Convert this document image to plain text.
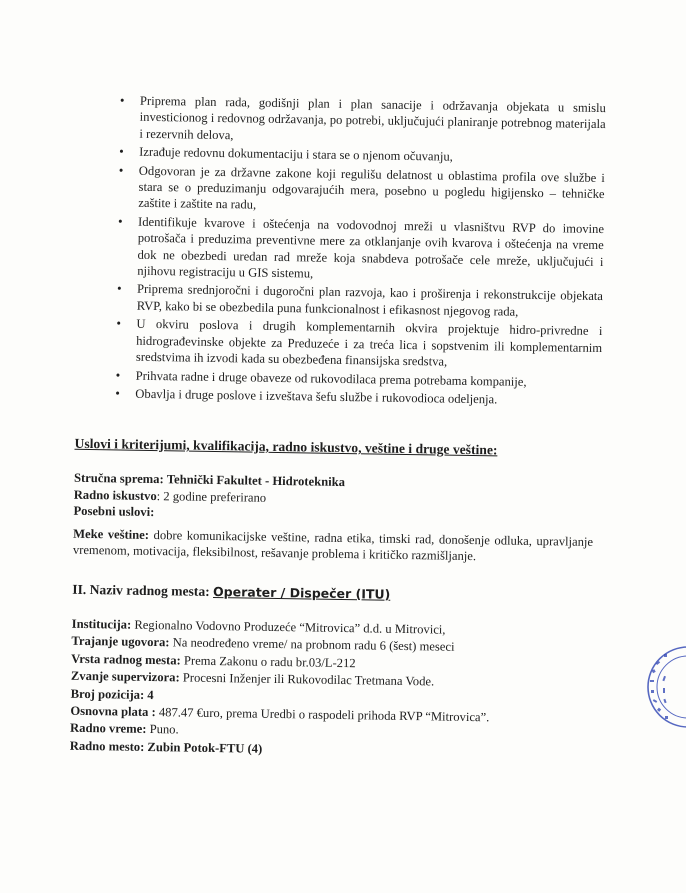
• Priprema plan rada, godišnji plan i plan sanacije i održavanja objekata u smislu investicionog i redovnog održavanja, po potrebi, uključujući planiranje potrebnog materijala i rezervnih delova,
• Izrađuje redovnu dokumentaciju i stara se o njenom očuvanju,
• Odgovoran je za državne zakone koji regulišu delatnost u oblastima profila ove službe i stara se o preduzimanju odgovarajućih mera, posebno u pogledu higijensko – tehničke zaštite i zaštite na radu,
• Identifikuje kvarove i oštećenja na vodovodnoj mreži u vlasništvu RVP do imovine potrošača i preduzima preventivne mere za otklanjanje ovih kvarova i oštećenja na vreme dok ne obezbedi uredan rad mreže koja snabdeva potrošače cele mreže, uključujući i njihovu registraciju u GIS sistemu,
• Priprema srednjoročni i dugoročni plan razvoja, kao i proširenja i rekonstrukcije objekata RVP, kako bi se obezbedila puna funkcionalnost i efikasnost njegovog rada,
• U okviru poslova i drugih komplementarnih okvira projektuje hidro-privredne i hidrograđevinske objekte za Preduzeće i za treća lica i sopstvenim ili komplementarnim sredstvima ih izvodi kada su obezbeđena finansijska sredstva,
• Prihvata radne i druge obaveze od rukovodilaca prema potrebama kompanije,
• Obavlja i druge poslove i izveštava šefu službe i rukovodioca odeljenja.
Uslovi i kriterijumi, kvalifikacija, radno iskustvo, veštine i druge veštine:
Stručna sprema: Tehnički Fakultet - Hidroteknika
Radno iskustvo: 2 godine preferirano
Posebni uslovi:
Meke veštine: dobre komunikacijske veštine, radna etika, timski rad, donošenje odluka, upravljanje vremenom, motivacija, fleksibilnost, rešavanje problema i kritičko razmišljanje.
II. Naziv radnog mesta: Operater / Dispečer (ITU)
Institucija: Regionalno Vodovno Produzeće “Mitrovica” d.d. u Mitrovici,
Trajanje ugovora: Na neodređeno vreme/ na probnom radu 6 (šest) meseci
Vrsta radnog mesta: Prema Zakonu o radu br.03/L-212
Zvanje supervizora: Procesni Inženjer ili Rukovodilac Tretmana Vode.
Broj pozicija: 4
Osnovna plata : 487.47 €uro, prema Uredbi o raspodeli prihoda RVP “Mitrovica”.
Radno vreme: Puno.
Radno mesto: Zubin Potok-FTU (4)
